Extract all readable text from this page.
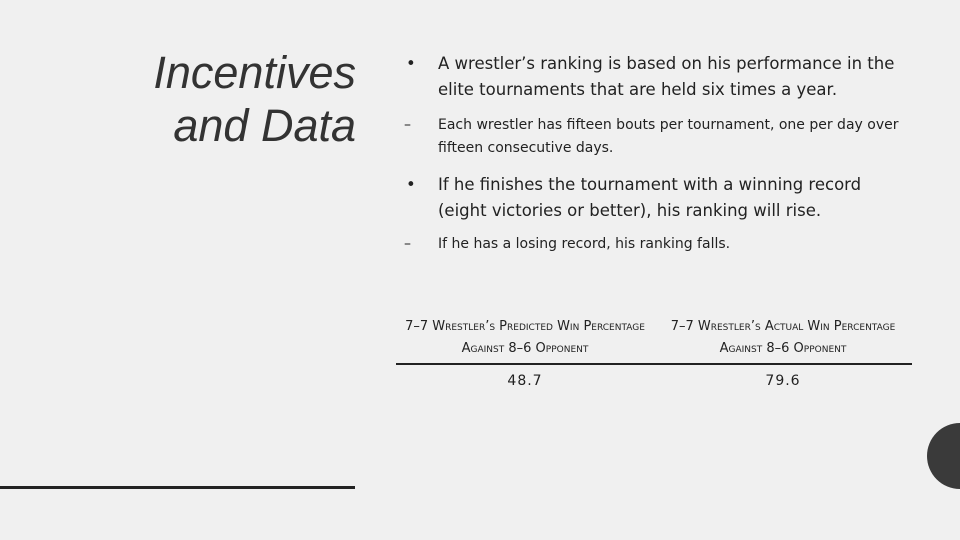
Incentives
and Data
•	A wrestler’s ranking is based on his performance in the elite tournaments that are held six times a year.
–	Each wrestler has fifteen bouts per tournament, one per day over fifteen consecutive days.
•	If he finishes the tournament with a winning record (eight victories or better), his ranking will rise.
–	If he has a losing record, his ranking falls.
7–7 Wrestler’s Predicted Win Percentage Against 8–6 Opponent	7–7 Wrestler’s Actual Win Percentage Against 8–6 Opponent
48.7	79.6
